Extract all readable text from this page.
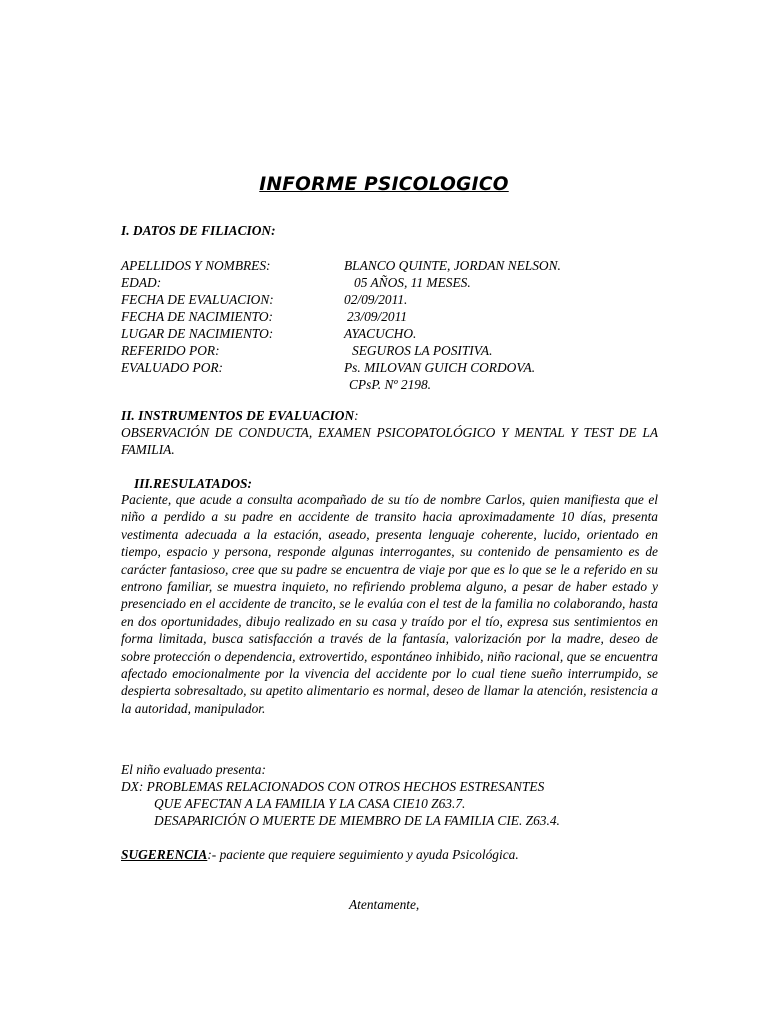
INFORME PSICOLOGICO
I. DATOS DE FILIACION:
APELLIDOS Y NOMBRES:	BLANCO QUINTE, JORDAN NELSON.
EDAD:	05 AÑOS, 11 MESES.
FECHA DE EVALUACION:	02/09/2011.
FECHA DE NACIMIENTO:	23/09/2011
LUGAR DE NACIMIENTO:	AYACUCHO.
REFERIDO POR:	SEGUROS LA POSITIVA.
EVALUADO POR:	Ps. MILOVAN GUICH CORDOVA.
CPsP. Nº 2198.
II. INSTRUMENTOS DE EVALUACION:
OBSERVACIÓN DE CONDUCTA, EXAMEN PSICOPATOLÓGICO Y MENTAL Y TEST DE LA FAMILIA.
III.RESULATADOS:
Paciente, que acude a consulta acompañado de su tío de nombre Carlos, quien manifiesta que el niño a perdido a su padre en accidente de transito hacia aproximadamente 10 días, presenta vestimenta adecuada a la estación, aseado, presenta lenguaje coherente, lucido, orientado en tiempo, espacio y persona, responde algunas interrogantes, su contenido de pensamiento es de carácter fantasioso, cree que su padre se encuentra de viaje por que es lo que se le a referido en su entrono familiar, se muestra inquieto, no refiriendo problema alguno, a pesar de haber estado y presenciado en el accidente de trancito, se le evalúa con el test de la familia no colaborando, hasta en dos oportunidades, dibujo realizado en su casa y traído por el tío, expresa sus sentimientos en forma limitada, busca satisfacción a través de la fantasía, valorización por la madre, deseo de sobre protección o dependencia, extrovertido, espontáneo inhibido, niño racional, que se encuentra afectado emocionalmente por la vivencia del accidente por lo cual tiene sueño interrumpido, se despierta sobresaltado, su apetito alimentario es normal, deseo de llamar la atención, resistencia a la autoridad, manipulador.
El niño evaluado presenta:
DX: PROBLEMAS RELACIONADOS CON OTROS HECHOS ESTRESANTES
QUE AFECTAN A LA FAMILIA Y LA CASA CIE10 Z63.7.
DESAPARICIÓN O MUERTE DE MIEMBRO DE LA FAMILIA CIE. Z63.4.
SUGERENCIA:- paciente que requiere seguimiento y ayuda Psicológica.
Atentamente,
